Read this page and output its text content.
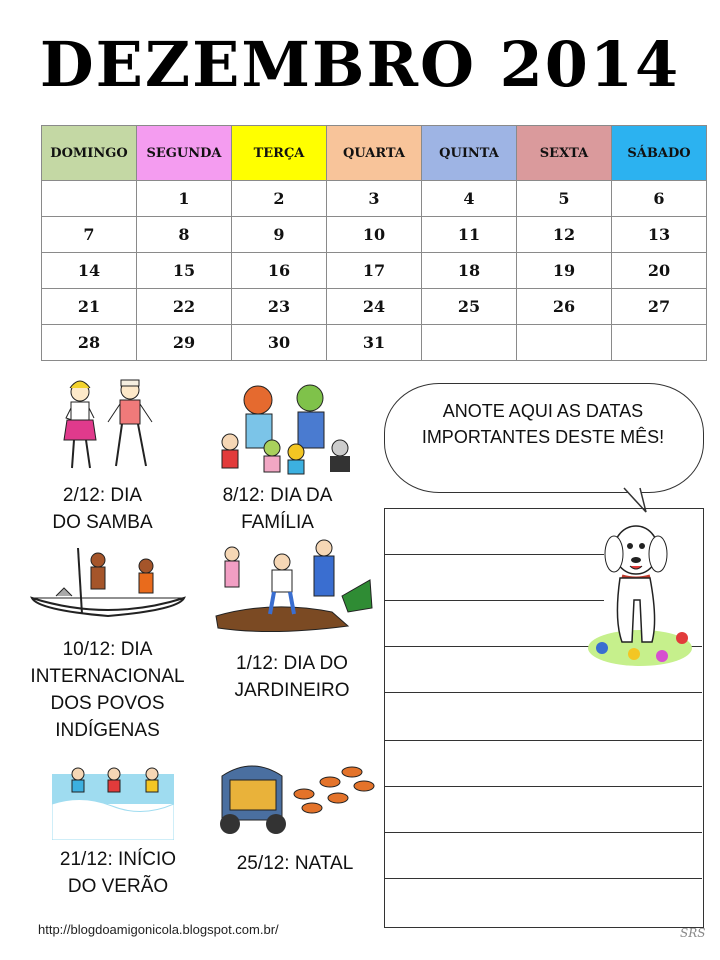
DEZEMBRO 2014
DOMINGO	SEGUNDA	TERÇA	QUARTA	QUINTA	SEXTA	SÁBADO
	1	2	3	4	5	6
7	8	9	10	11	12	13
14	15	16	17	18	19	20
21	22	23	24	25	26	27
28	29	30	31			
2/12: DIA DO SAMBA
8/12: DIA DA FAMÍLIA
10/12: DIA INTERNACIONAL DOS POVOS INDÍGENAS
1/12: DIA DO JARDINEIRO
21/12: INÍCIO DO VERÃO
25/12: NATAL
ANOTE AQUI AS DATAS IMPORTANTES DESTE MÊS!
http://blogdoamigonicola.blogspot.com.br/	SRS
